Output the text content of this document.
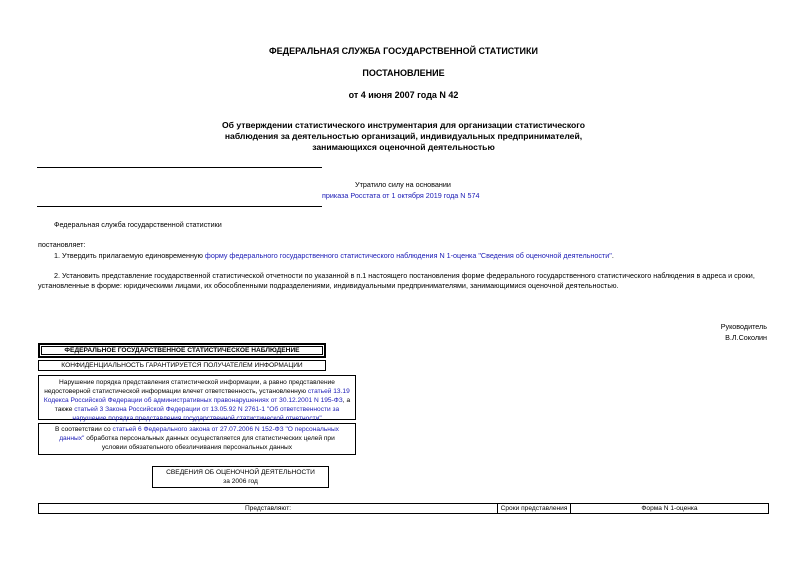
ФЕДЕРАЛЬНАЯ СЛУЖБА ГОСУДАРСТВЕННОЙ СТАТИСТИКИ
ПОСТАНОВЛЕНИЕ
от 4 июня 2007 года N 42
Об утверждении статистического инструментария для организации статистического
наблюдения за деятельностью организаций, индивидуальных предпринимателей,
занимающихся оценочной деятельностью
Утратило силу на основании
приказа Росстата от 1 октября 2019 года N 574
Федеральная служба государственной статистики
постановляет:
1. Утвердить прилагаемую единовременную форму федерального государственного статистического наблюдения N 1-оценка "Сведения об оценочной деятельности".
2. Установить представление государственной статистической отчетности по указанной в п.1 настоящего постановления форме федерального государственного статистического наблюдения в адреса и сроки,
установленные в форме: юридическими лицами, их обособленными подразделениями, индивидуальными предпринимателями, занимающимися оценочной деятельностью.
Руководитель
В.Л.Соколин
ФЕДЕРАЛЬНОЕ ГОСУДАРСТВЕННОЕ СТАТИСТИЧЕСКОЕ НАБЛЮДЕНИЕ
КОНФИДЕНЦИАЛЬНОСТЬ ГАРАНТИРУЕТСЯ ПОЛУЧАТЕЛЕМ ИНФОРМАЦИИ
Нарушение порядка представления статистической информации, а равно представление
недостоверной статистической информации влечет ответственность, установленную статьей 13.19
Кодекса Российской Федерации об административных правонарушениях от 30.12.2001 N 195-ФЗ, а
также статьей 3 Закона Российской Федерации от 13.05.92 N 2761-1 "Об ответственности за
нарушение порядка представления государственной статистической отчетности"
В соответствии со статьей 6 Федерального закона от 27.07.2006 N 152-ФЗ "О персональных
данных" обработка персональных данных осуществляется для статистических целей при
условии обязательного обезличивания персональных данных
СВЕДЕНИЯ ОБ ОЦЕНОЧНОЙ ДЕЯТЕЛЬНОСТИ
за 2006 год
Представляют:	Сроки представления	Форма N 1-оценка
